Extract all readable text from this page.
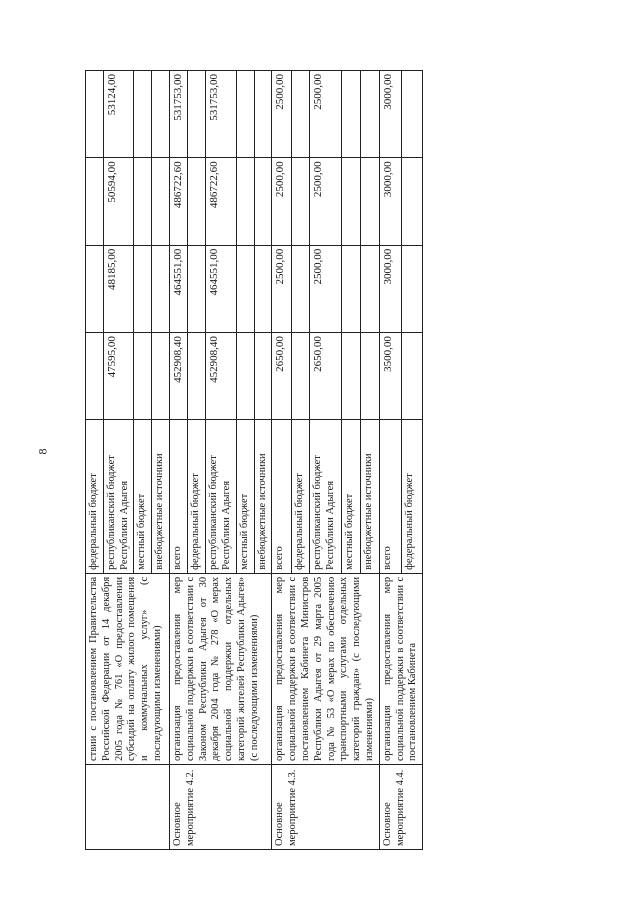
8
	ствии с постановлением Правительства Российской Федерации от 14 декабря 2005 года № 761 «О предоставлении субсидий на оплату жилого помещения и коммунальных услуг» (с последующими изменениями)	федеральный бюджет				
		республиканский бюджет Республики Адыгея	47595,00	48185,00	50594,00	53124,00
		местный бюджет				
		внебюджетные источники				
Основное мероприятие 4.2.	организация предоставления мер социальной поддержки в соответствии с Законом Республики Адыгея от 30 декабря 2004 года № 278 «О мерах социальной поддержки отдельных категорий жителей Республики Адыгея» (с последующими изменениями)	всего	452908,40	464551,00	486722,60	531753,00
		федеральный бюджет				
		республиканский бюджет Республики Адыгея	452908,40	464551,00	486722,60	531753,00
		местный бюджет				
		внебюджетные источники				
Основное мероприятие 4.3.	организация предоставления мер социальной поддержки в соответствии с постановлением Кабинета Министров Республики Адыгея от 29 марта 2005 года № 53 «О мерах по обеспечению транспортными услугами отдельных категорий граждан» (с последующими изменениями)	всего	2650,00	2500,00	2500,00	2500,00
		федеральный бюджет				
		республиканский бюджет Республики Адыгея	2650,00	2500,00	2500,00	2500,00
		местный бюджет				
		внебюджетные источники				
Основное мероприятие 4.4.	организация предоставления мер социальной поддержки в соответствии с постановлением Кабинета	всего	3500,00	3000,00	3000,00	3000,00
		федеральный бюджет				
